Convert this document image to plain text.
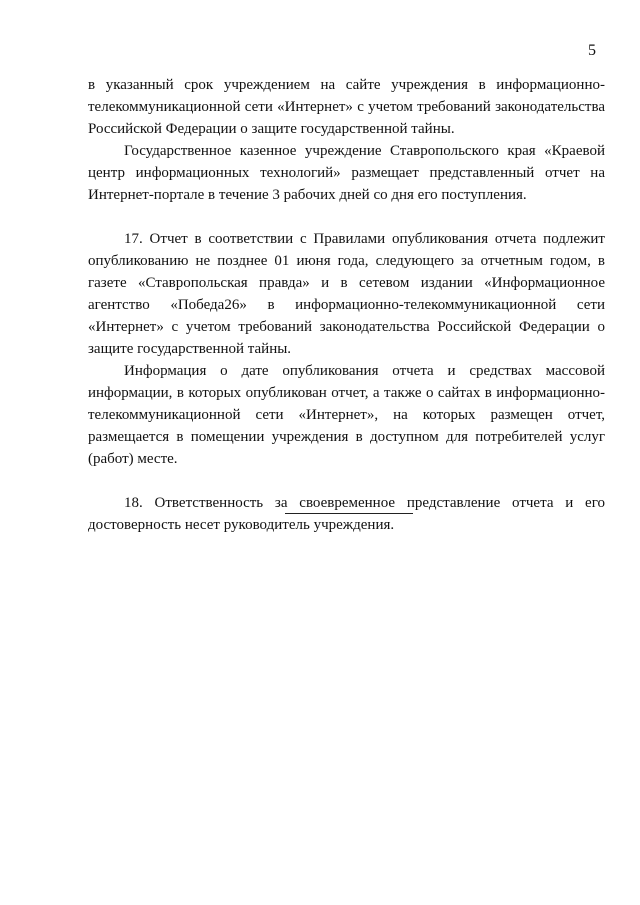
5

в указанный срок учреждением на сайте учреждения в информационно-телекоммуникационной сети «Интернет» с учетом требований законодательства Российской Федерации о защите государственной тайны.

Государственное казенное учреждение Ставропольского края «Краевой центр информационных технологий» размещает представленный отчет на Интернет-портале в течение 3 рабочих дней со дня его поступления.

17. Отчет в соответствии с Правилами опубликования отчета подлежит опубликованию не позднее 01 июня года, следующего за отчетным годом, в газете «Ставропольская правда» и в сетевом издании «Информационное агентство «Победа26» в информационно-телекоммуникационной сети «Интернет» с учетом требований законодательства Российской Федерации о защите государственной тайны.

Информация о дате опубликования отчета и средствах массовой информации, в которых опубликован отчет, а также о сайтах в информационно-телекоммуникационной сети «Интернет», на которых размещен отчет, размещается в помещении учреждения в доступном для потребителей услуг (работ) месте.

18. Ответственность за своевременное представление отчета и его достоверность несет руководитель учреждения.
